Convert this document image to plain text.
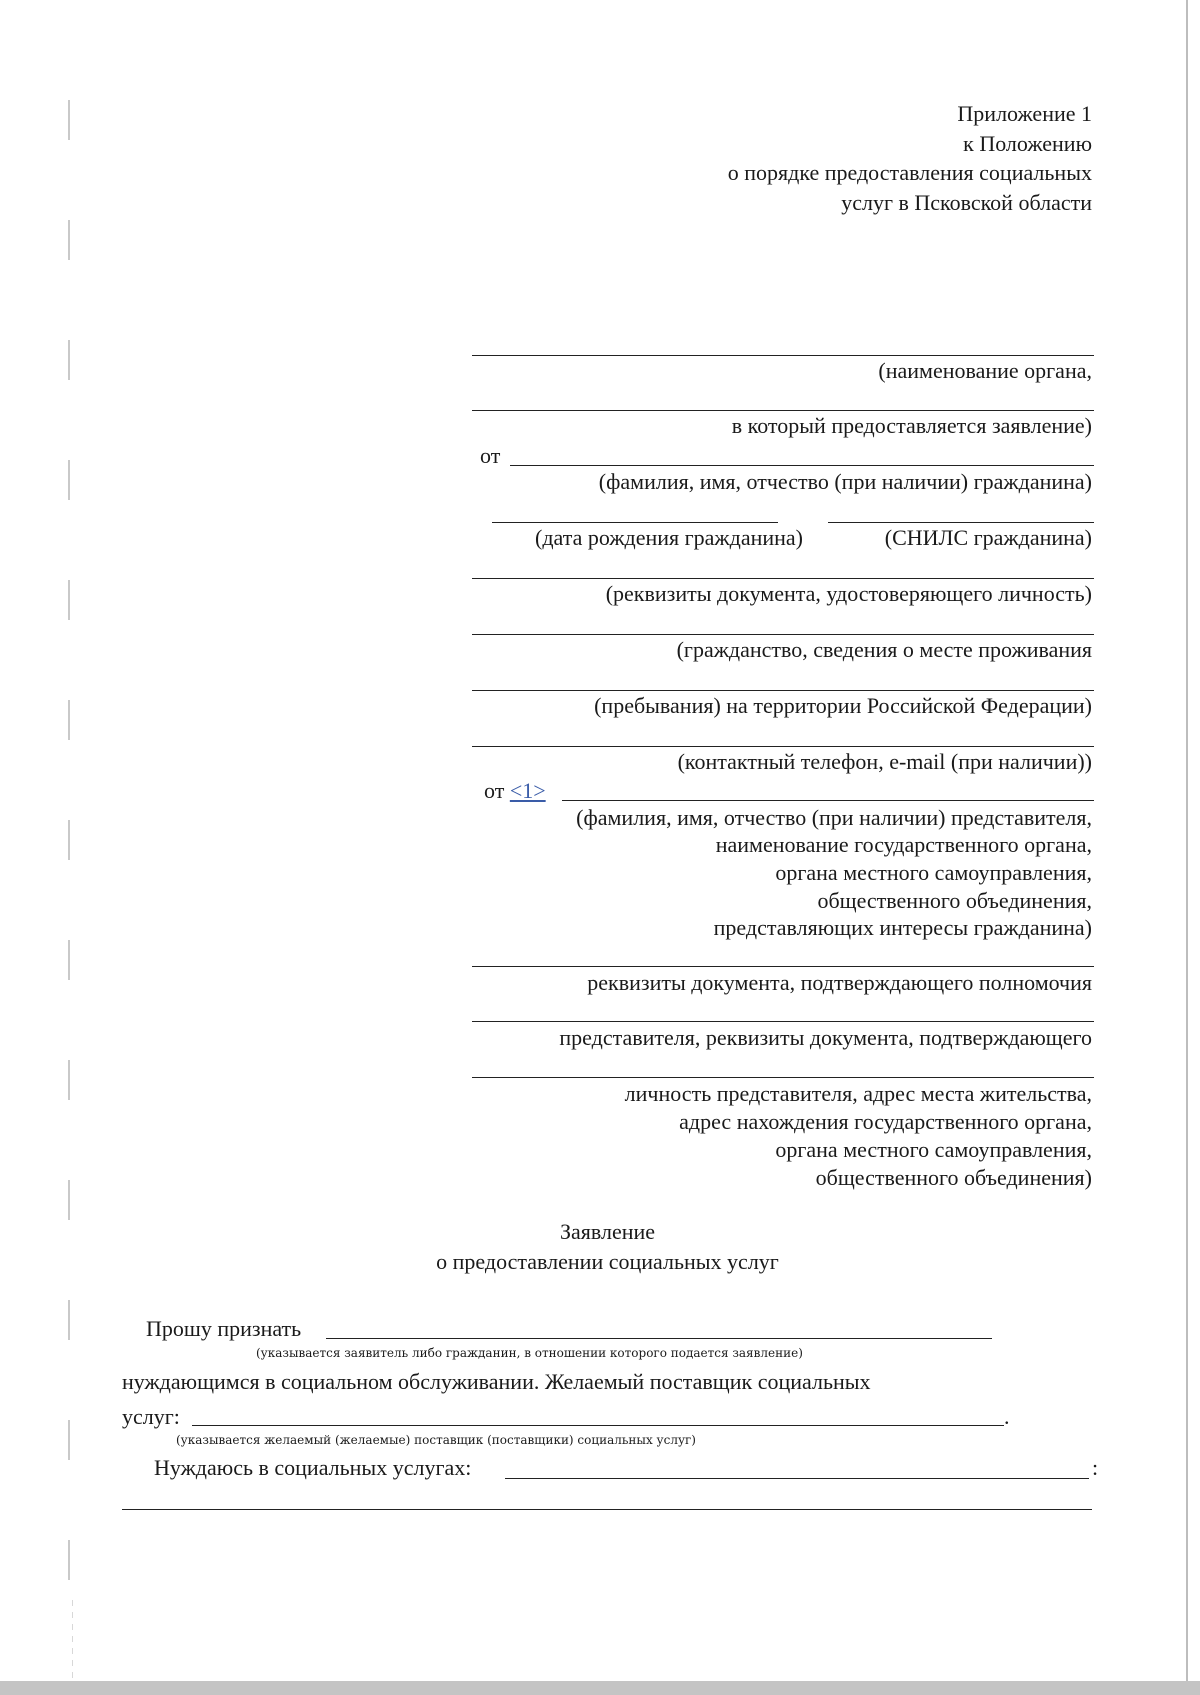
Приложение 1
к Положению
о порядке предоставления социальных
услуг в Псковской области
(наименование органа,
в который предоставляется заявление)
от
(фамилия, имя, отчество (при наличии) гражданина)
(дата рождения гражданина)	(СНИЛС гражданина)
(реквизиты документа, удостоверяющего личность)
(гражданство, сведения о месте проживания
(пребывания) на территории Российской Федерации)
(контактный телефон, e-mail (при наличии))
от <1>
(фамилия, имя, отчество (при наличии) представителя,
наименование государственного органа,
органа местного самоуправления,
общественного объединения,
представляющих интересы гражданина)
реквизиты документа, подтверждающего полномочия
представителя, реквизиты документа, подтверждающего
личность представителя, адрес места жительства,
адрес нахождения государственного органа,
органа местного самоуправления,
общественного объединения)
Заявление
о предоставлении социальных услуг
Прошу признать
(указывается заявитель либо гражданин, в отношении которого подается заявление)
нуждающимся в социальном обслуживании. Желаемый поставщик социальных
услуг:	.
(указывается желаемый (желаемые) поставщик (поставщики) социальных услуг)
Нуждаюсь в социальных услугах:	:
